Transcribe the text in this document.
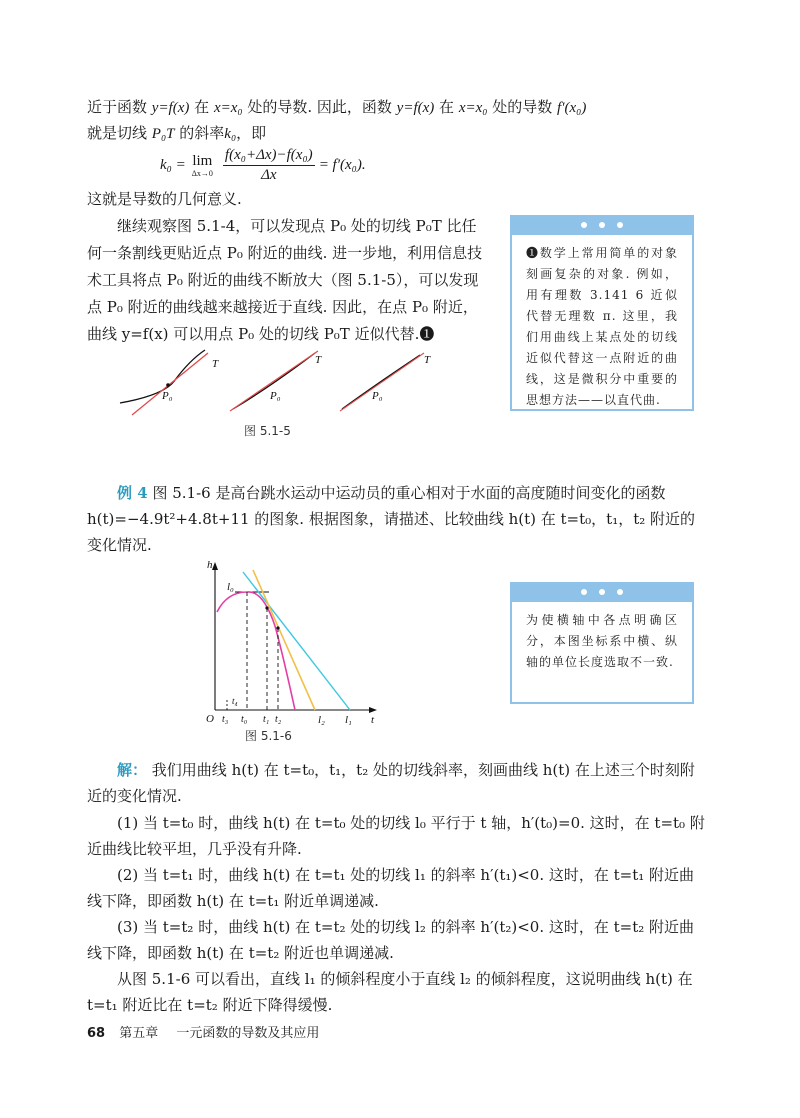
近于函数 y=f(x) 在 x=x₀ 处的导数. 因此，函数 y=f(x) 在 x=x₀ 处的导数 f′(x₀)
就是切线 P₀T 的斜率k₀，即
k₀ = lim
$\Delta x\to 0 \frac{\text{f(x₀+Δx)−f(x₀)}}{\Delta x} = f'(x_0)$.
这就是导数的几何意义.
继续观察图 5.1-4，可以发现点 P₀ 处的切线 P₀T 比任何一条割线更贴近点 P₀ 附近的曲线. 进一步地，利用信息技术工具将点 P₀ 附近的曲线不断放大（图 5.1-5），可以发现点 P₀ 附近的曲线越来越接近于直线. 因此，在点 P₀ 附近，曲线 y=f(x) 可以用点 P₀ 处的切线 P₀T 近似代替.❶
❶数学上常用简单的对象刻画复杂的对象. 例如，用有理数 3.141 6 近似代替无理数 π. 这里，我们用曲线上某点处的切线近似代替这一点附近的曲线，这是微积分中重要的思想方法——以直代曲.
P₀
T
P₀
T
P₀
T
图 5.1-5
例 4 图 5.1-6 是高台跳水运动中运动员的重心相对于水面的高度随时间变化的函数 h(t)=−4.9t²+4.8t+11 的图象. 根据图象，请描述、比较曲线 h(t) 在 t=t₀，t₁，t₂ 附近的变化情况.
h
t
O
l₀
l₁
l₂
t₄
t₃ t₀ t₁ t₂
图 5.1-6
为使横轴中各点明确区分，本图坐标系中横、纵轴的单位长度选取不一致.
解： 我们用曲线 h(t) 在 t=t₀，t₁，t₂ 处的切线斜率，刻画曲线 h(t) 在上述三个时刻附近的变化情况.
(1) 当 t=t₀ 时，曲线 h(t) 在 t=t₀ 处的切线 l₀ 平行于 t 轴，h′(t₀)=0. 这时，在 t=t₀ 附近曲线比较平坦，几乎没有升降.
(2) 当 t=t₁ 时，曲线 h(t) 在 t=t₁ 处的切线 l₁ 的斜率 h′(t₁)<0. 这时，在 t=t₁ 附近曲线下降，即函数 h(t) 在 t=t₁ 附近单调递减.
(3) 当 t=t₂ 时，曲线 h(t) 在 t=t₂ 处的切线 l₂ 的斜率 h′(t₂)<0. 这时，在 t=t₂ 附近曲线下降，即函数 h(t) 在 t=t₂ 附近也单调递减.
从图 5.1-6 可以看出，直线 l₁ 的倾斜程度小于直线 l₂ 的倾斜程度，这说明曲线 h(t) 在 t=t₁ 附近比在 t=t₂ 附近下降得缓慢.
68 第五章 一元函数的导数及其应用
